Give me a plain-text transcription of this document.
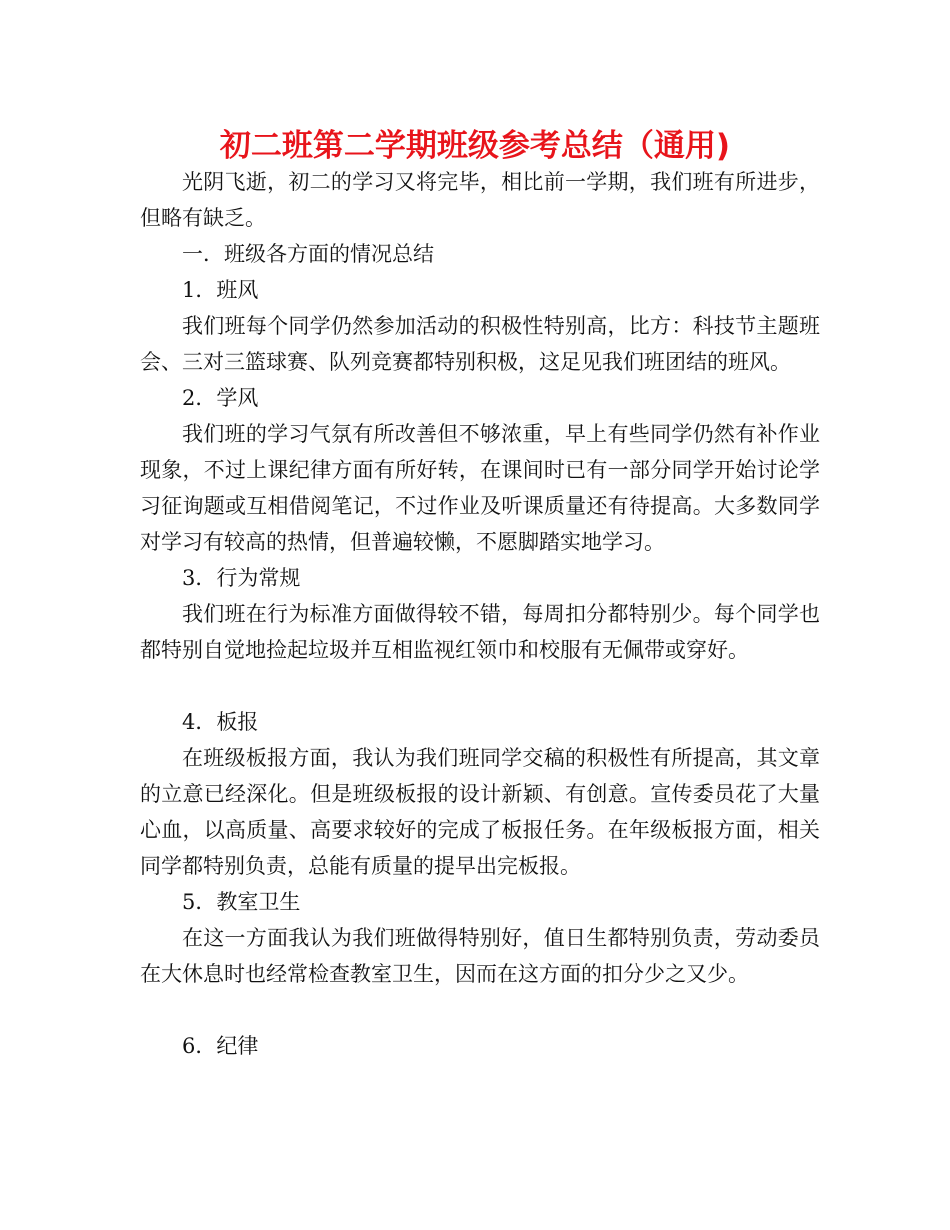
初二班第二学期班级参考总结（通用)

光阴飞逝，初二的学习又将完毕，相比前一学期，我们班有所进步，但略有缺乏。

一．班级各方面的情况总结

1．班风

我们班每个同学仍然参加活动的积极性特别高，比方：科技节主题班会、三对三篮球赛、队列竞赛都特别积极，这足见我们班团结的班风。

2．学风

我们班的学习气氛有所改善但不够浓重，早上有些同学仍然有补作业现象，不过上课纪律方面有所好转，在课间时已有一部分同学开始讨论学习征询题或互相借阅笔记，不过作业及听课质量还有待提高。大多数同学对学习有较高的热情，但普遍较懒，不愿脚踏实地学习。

3．行为常规

我们班在行为标准方面做得较不错，每周扣分都特别少。每个同学也都特别自觉地捡起垃圾并互相监视红领巾和校服有无佩带或穿好。

4．板报

在班级板报方面，我认为我们班同学交稿的积极性有所提高，其文章的立意已经深化。但是班级板报的设计新颖、有创意。宣传委员花了大量心血，以高质量、高要求较好的完成了板报任务。在年级板报方面，相关同学都特别负责，总能有质量的提早出完板报。

5．教室卫生

在这一方面我认为我们班做得特别好，值日生都特别负责，劳动委员在大休息时也经常检查教室卫生，因而在这方面的扣分少之又少。

6．纪律
